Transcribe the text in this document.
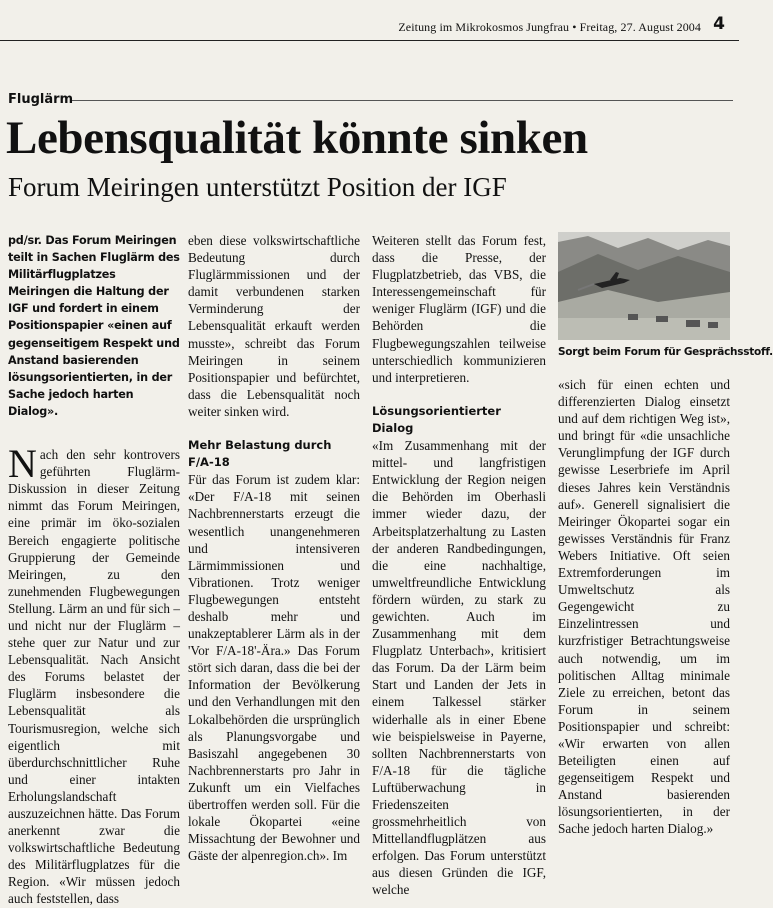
Zeitung im Mikrokosmos Jungfrau • Freitag, 27. August 2004 4
Fluglärm
Lebensqualität könnte sinken
Forum Meiringen unterstützt Position der IGF

pd/sr. Das Forum Meiringen teilt in Sachen Fluglärm des Militärflugplatzes Meiringen die Haltung der IGF und fordert in einem Positionspapier «einen auf gegenseitigem Respekt und Anstand basierenden lösungsorientierten, in der Sache jedoch harten Dialog».

N ach den sehr kontrovers geführten Fluglärm-Diskussion in dieser Zeitung nimmt das Forum Meiringen, eine primär im öko-sozialen Bereich engagierte politische Gruppierung der Gemeinde Meiringen, zu den zunehmenden Flugbewegungen Stellung. Lärm an und für sich – und nicht nur der Fluglärm – stehe quer zur Natur und zur Lebensqualität. Nach Ansicht des Forums belastet der Fluglärm insbesondere die Lebensqualität als Tourismusregion, welche sich eigentlich mit überdurchschnittlicher Ruhe und einer intakten Erholungslandschaft auszuzeichnen hätte. Das Forum anerkennt zwar die volkswirtschaftliche Bedeutung des Militärflugplatzes für die Region. «Wir müssen jedoch auch feststellen, dass

eben diese volkswirtschaftliche Bedeutung durch Fluglärmmissionen und der damit verbundenen starken Verminderung der Lebensqualität erkauft werden musste», schreibt das Forum Meiringen in seinem Positionspapier und befürchtet, dass die Lebensqualität noch weiter sinken wird.

Mehr Belastung durch F/A-18

Für das Forum ist zudem klar: «Der F/A-18 mit seinen Nachbrennerstarts erzeugt die wesentlich unangenehmeren und intensiveren Lärmimmissionen und Vibrationen. Trotz weniger Flugbewegungen entsteht deshalb mehr und unakzeptablerer Lärm als in der 'Vor F/A-18'-Ära.» Das Forum stört sich daran, dass die bei der Information der Bevölkerung und den Verhandlungen mit den Lokalbehörden die ursprünglich als Planungsvorgabe und Basiszahl angegebenen 30 Nachbrennerstarts pro Jahr in Zukunft um ein Vielfaches übertroffen werden soll. Für die lokale Ökopartei «eine Missachtung der Bewohner und Gäste der alpenregion.ch». Im

Weiteren stellt das Forum fest, dass die Presse, der Flugplatzbetrieb, das VBS, die Interessengemeinschaft für weniger Fluglärm (IGF) und die Behörden die Flugbewegungszahlen teilweise unterschiedlich kommunizieren und interpretieren.

Lösungsorientierter Dialog

«Im Zusammenhang mit der mittel- und langfristigen Entwicklung der Region neigen die Behörden im Oberhasli immer wieder dazu, der Arbeitsplatzerhaltung zu Lasten der anderen Randbedingungen, die eine nachhaltige, umweltfreundliche Entwicklung fördern würden, zu stark zu gewichten. Auch im Zusammenhang mit dem Flugplatz Unterbach», kritisiert das Forum. Da der Lärm beim Start und Landen der Jets in einem Talkessel stärker widerhalle als in einer Ebene wie beispielsweise in Payerne, sollten Nachbrennerstarts von F/A-18 für die tägliche Luftüberwachung in Friedenszeiten grossmehrheitlich von Mittellandflugplätzen aus erfolgen. Das Forum unterstützt aus diesen Gründen die IGF, welche

Sorgt beim Forum für Gesprächsstoff.

«sich für einen echten und differenzierten Dialog einsetzt und auf dem richtigen Weg ist», und bringt für «die unsachliche Verunglimpfung der IGF durch gewisse Leserbriefe im April dieses Jahres kein Verständnis auf». Generell signalisiert die Meiringer Ökopartei sogar ein gewisses Verständnis für Franz Webers Initiative. Oft seien Extremforderungen im Umweltschutz als Gegengewicht zu Einzelintressen und kurzfristiger Betrachtungsweise auch notwendig, um im politischen Alltag minimale Ziele zu erreichen, betont das Forum in seinem Positionspapier und schreibt: «Wir erwarten von allen Beteiligten einen auf gegenseitigem Respekt und Anstand basierenden lösungsorientierten, in der Sache jedoch harten Dialog.»
